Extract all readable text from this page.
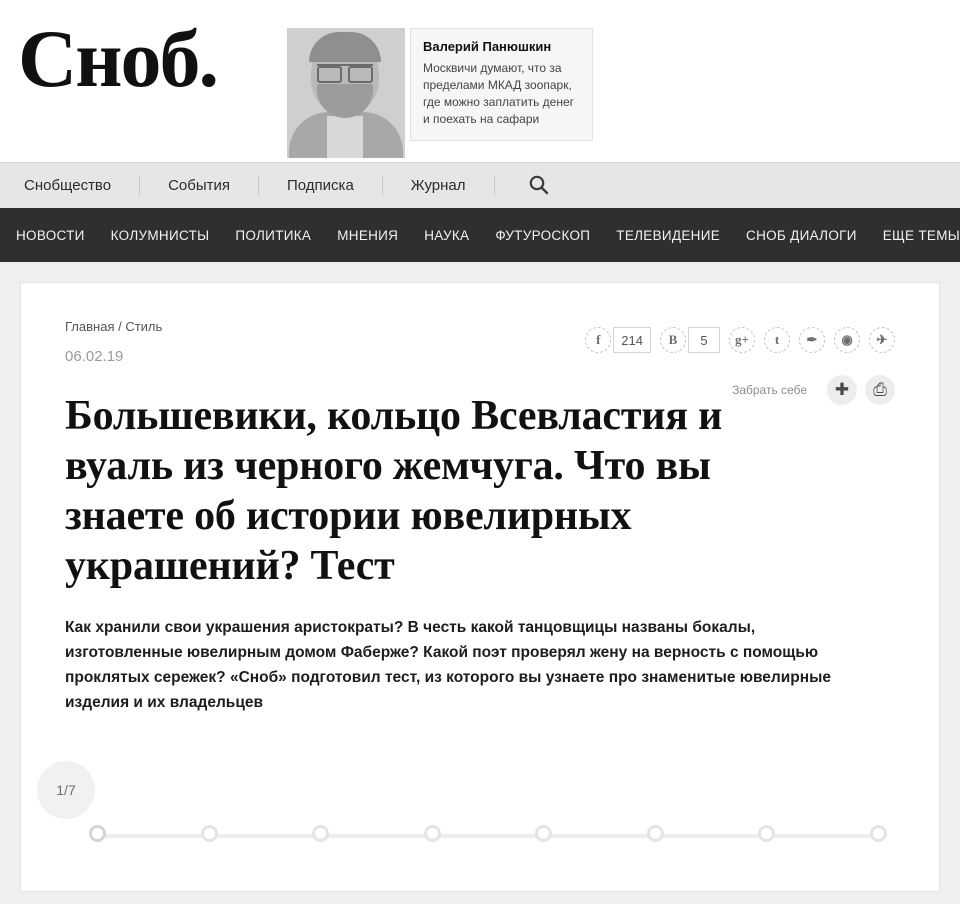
Сноб.	Валерий Панюшкин
Москвичи думают, что за пределами МКАД зоопарк, где можно заплатить денег и поехать на сафари
Снобщество	События	Подписка	Журнал
НОВОСТИ КОЛУМНИСТЫ ПОЛИТИКА МНЕНИЯ НАУКА ФУТУРОСКОП ТЕЛЕВИДЕНИЕ СНОБ ДИАЛОГИ ЕЩЕ ТЕМЫ
Главная / Стиль
06.02.19
f	214	B	5	g+	t	✒	◉	✈
Забрать себе	✚	⎙
Большевики, кольцо Всевластия и вуаль из черного жемчуга. Что вы знаете об истории ювелирных украшений? Тест

Как хранили свои украшения аристократы? В честь какой танцовщицы названы бокалы, изготовленные ювелирным домом Фаберже? Какой поэт проверял жену на верность с помощью проклятых сережек? «Сноб» подготовил тест, из которого вы узнаете про знаменитые ювелирные изделия и их владельцев

1/7
